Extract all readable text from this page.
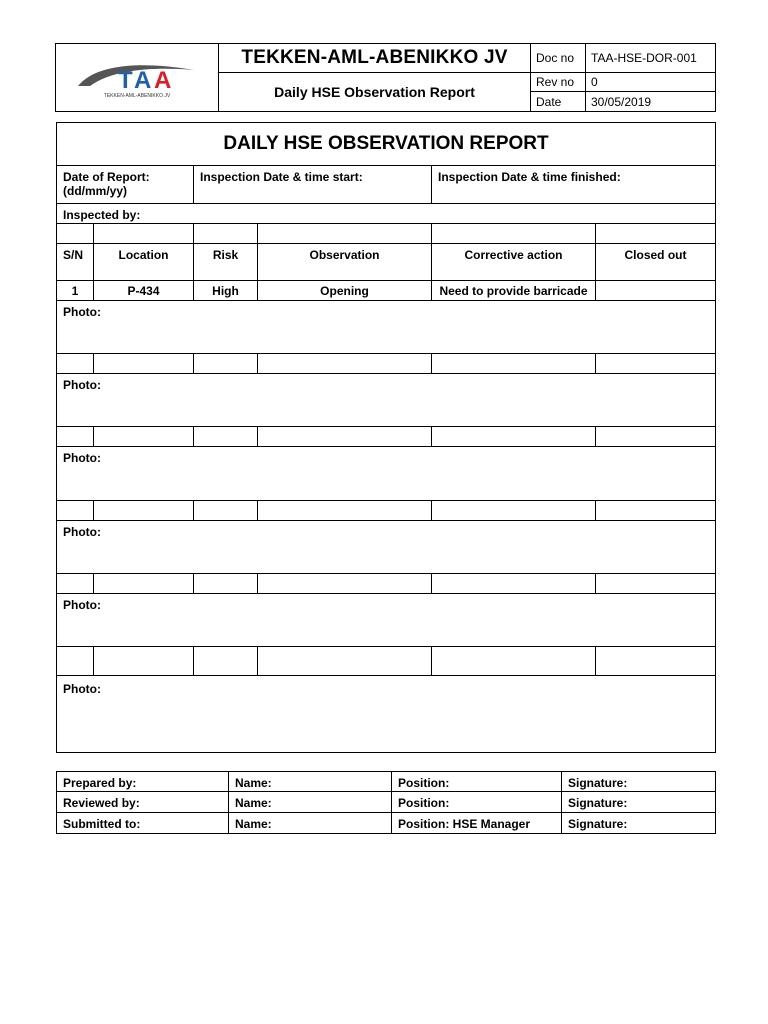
T A A
TEKKEN-AML-ABENIKKO JV	TEKKEN-AML-ABENIKKO JV	Doc no	TAA-HSE-DOR-001
	Daily HSE Observation Report	Rev no	0
		Date	30/05/2019
DAILY HSE OBSERVATION REPORT					

Date of Report:
(dd/mm/yy)		Inspection Date & time start:		Inspection Date & time finished:	
Inspected by:					

S/N	Location	Risk	Observation	Corrective action	Closed out
1	P-434	High	Opening	Need to provide barricade	
Photo:					

Photo:					

Photo:					

Photo:					

Photo:					

Photo:					
Prepared by:	Name:	Position:	Signature:
Reviewed by:	Name:	Position:	Signature:
Submitted to:	Name:	Position: HSE Manager	Signature:
